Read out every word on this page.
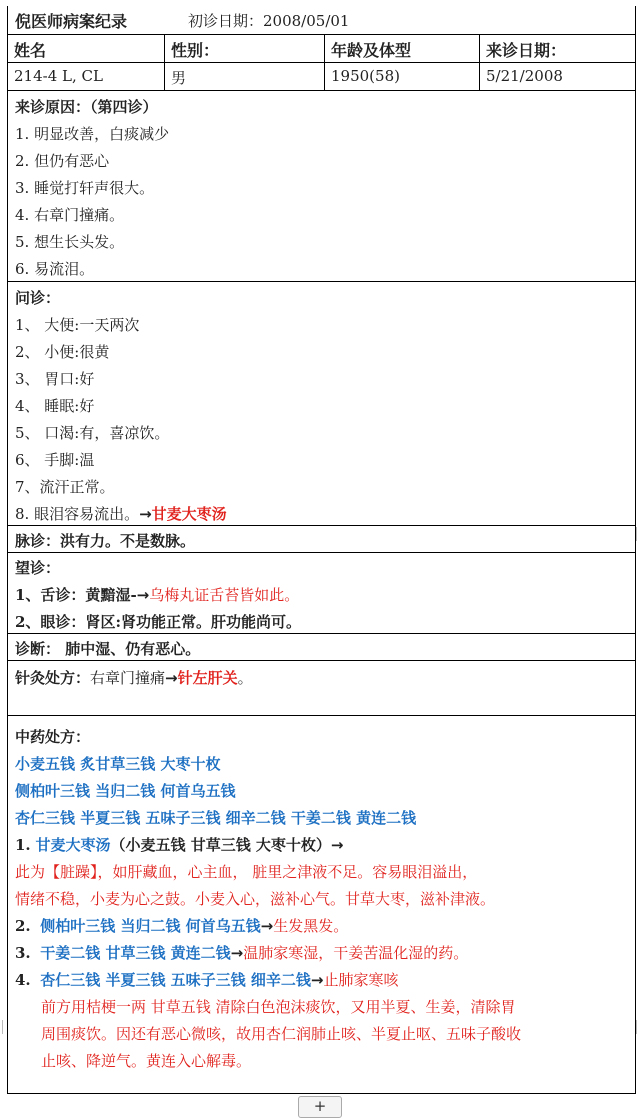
倪医师病案纪录	初诊日期：2008/05/01
姓名	性别：	年龄及体型	来诊日期：
214-4 L, CL	男	1950(58)	5/21/2008
来诊原因：（第四诊）
1. 明显改善，白痰减少
2. 但仍有恶心
3. 睡觉打轩声很大。
4. 右章门撞痛。
5. 想生长头发。
6. 易流泪。
问诊：
1、 大便:一天两次
2、 小便:很黄
3、 胃口:好
4、 睡眠:好
5、 口渴:有，喜凉饮。
6、 手脚:温
7、流汗正常。
8. 眼泪容易流出。→甘麦大枣汤
脉诊：洪有力。不是数脉。
望诊：
1、舌诊：黄黯湿-→乌梅丸证舌苔皆如此。
2、眼诊：肾区:肾功能正常。肝功能尚可。
诊断： 肺中湿、仍有恶心。
针灸处方：右章门撞痛→针左肝关。
中药处方：
小麦五钱 炙甘草三钱 大枣十枚
侧柏叶三钱 当归二钱 何首乌五钱
杏仁三钱 半夏三钱 五味子三钱 细辛二钱 干姜二钱 黄连二钱
1. 甘麦大枣汤（小麦五钱 甘草三钱 大枣十枚）→
此为【脏躁】，如肝藏血，心主血， 脏里之津液不足。容易眼泪溢出，
情绪不稳，小麦为心之鼓。小麦入心，滋补心气。甘草大枣，滋补津液。
2. 侧柏叶三钱 当归二钱 何首乌五钱→生发黑发。
3. 干姜二钱 甘草三钱 黄连二钱→温肺家寒湿，干姜苦温化湿的药。
4. 杏仁三钱 半夏三钱 五味子三钱 细辛二钱→止肺家寒咳
前方用桔梗一两 甘草五钱 清除白色泡沫痰饮，又用半夏、生姜，清除胃
周围痰饮。因还有恶心微咳，故用杏仁润肺止咳、半夏止呕、五味子酸收
止咳、降逆气。黄连入心解毒。
+
